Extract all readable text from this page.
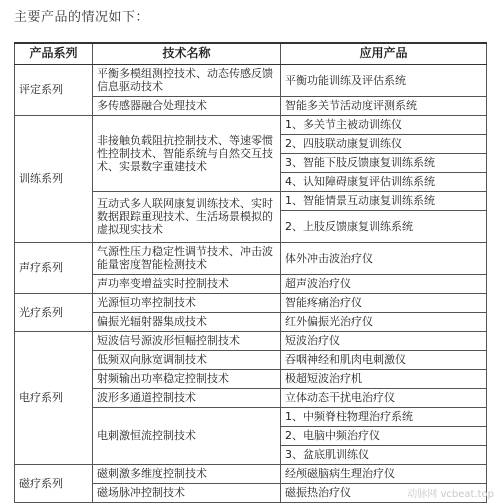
主要产品的情况如下：
产品系列	技术名称	应用产品
评定系列	平衡多模组测控技术、动态传感反馈信息驱动技术	平衡功能训练及评估系统
	多传感器融合处理技术	智能多关节活动度评测系统
训练系列	非接触负载阻抗控制技术、等速零惯性控制技术、智能系统与自然交互技术、实景数字重建技术	1、多关节主被动训练仪
		2、四肢联动康复训练仪
		3、智能下肢反馈康复训练系统
		4、认知障碍康复评估训练系统
	互动式多人联网康复训练技术、实时数据跟踪重现技术、生活场景模拟的虚拟现实技术	1、智能情景互动康复训练系统
		2、上肢反馈康复训练系统
声疗系列	气源性压力稳定性调节技术、冲击波能量密度智能检测技术	体外冲击波治疗仪
	声功率变增益实时控制技术	超声波治疗仪
光疗系列	光源恒功率控制技术	智能疼痛治疗仪
	偏振光辐射器集成技术	红外偏振光治疗仪
电疗系列	短波信号源波形恒幅控制技术	短波治疗仪
	低频双向脉宽调制技术	吞咽神经和肌肉电刺激仪
	射频输出功率稳定控制技术	极超短波治疗机
	波形多通道控制技术	立体动态干扰电治疗仪
	电刺激恒流控制技术	1、中频脊柱物理治疗系统
		2、电脑中频治疗仪
		3、盆底肌训练仪
磁疗系列	磁刺激多维度控制技术	经颅磁脑病生理治疗仪
	磁场脉冲控制技术	磁振热治疗仪	动脉网 vcbeat.top
